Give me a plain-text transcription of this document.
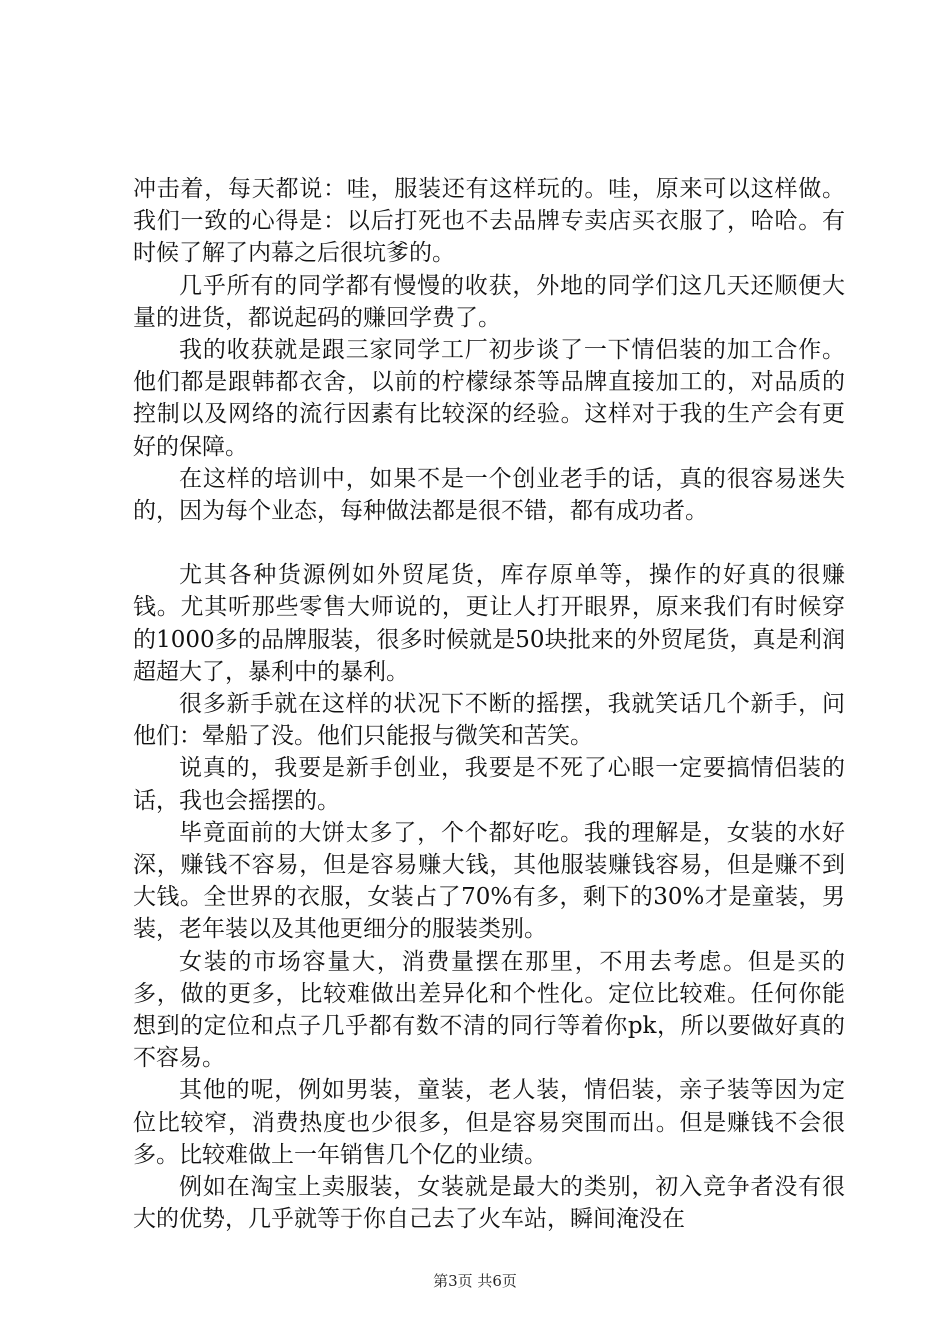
冲击着，每天都说：哇，服装还有这样玩的。哇，原来可以这样做。我们一致的心得是：以后打死也不去品牌专卖店买衣服了，哈哈。有时候了解了内幕之后很坑爹的。

几乎所有的同学都有慢慢的收获，外地的同学们这几天还顺便大量的进货，都说起码的赚回学费了。

我的收获就是跟三家同学工厂初步谈了一下情侣装的加工合作。他们都是跟韩都衣舍，以前的柠檬绿茶等品牌直接加工的，对品质的控制以及网络的流行因素有比较深的经验。这样对于我的生产会有更好的保障。

在这样的培训中，如果不是一个创业老手的话，真的很容易迷失的，因为每个业态，每种做法都是很不错，都有成功者。

尤其各种货源例如外贸尾货，库存原单等，操作的好真的很赚钱。尤其听那些零售大师说的，更让人打开眼界，原来我们有时候穿的1000多的品牌服装，很多时候就是50块批来的外贸尾货，真是利润超超大了，暴利中的暴利。

很多新手就在这样的状况下不断的摇摆，我就笑话几个新手，问他们：晕船了没。他们只能报与微笑和苦笑。

说真的，我要是新手创业，我要是不死了心眼一定要搞情侣装的话，我也会摇摆的。

毕竟面前的大饼太多了，个个都好吃。我的理解是，女装的水好深，赚钱不容易，但是容易赚大钱，其他服装赚钱容易，但是赚不到大钱。全世界的衣服，女装占了70%有多，剩下的30%才是童装，男装，老年装以及其他更细分的服装类别。

女装的市场容量大，消费量摆在那里，不用去考虑。但是买的多，做的更多，比较难做出差异化和个性化。定位比较难。任何你能想到的定位和点子几乎都有数不清的同行等着你pk，所以要做好真的不容易。

其他的呢，例如男装，童装，老人装，情侣装，亲子装等因为定位比较窄，消费热度也少很多，但是容易突围而出。但是赚钱不会很多。比较难做上一年销售几个亿的业绩。

例如在淘宝上卖服装，女装就是最大的类别，初入竞争者没有很大的优势，几乎就等于你自己去了火车站，瞬间淹没在

第3页 共6页
